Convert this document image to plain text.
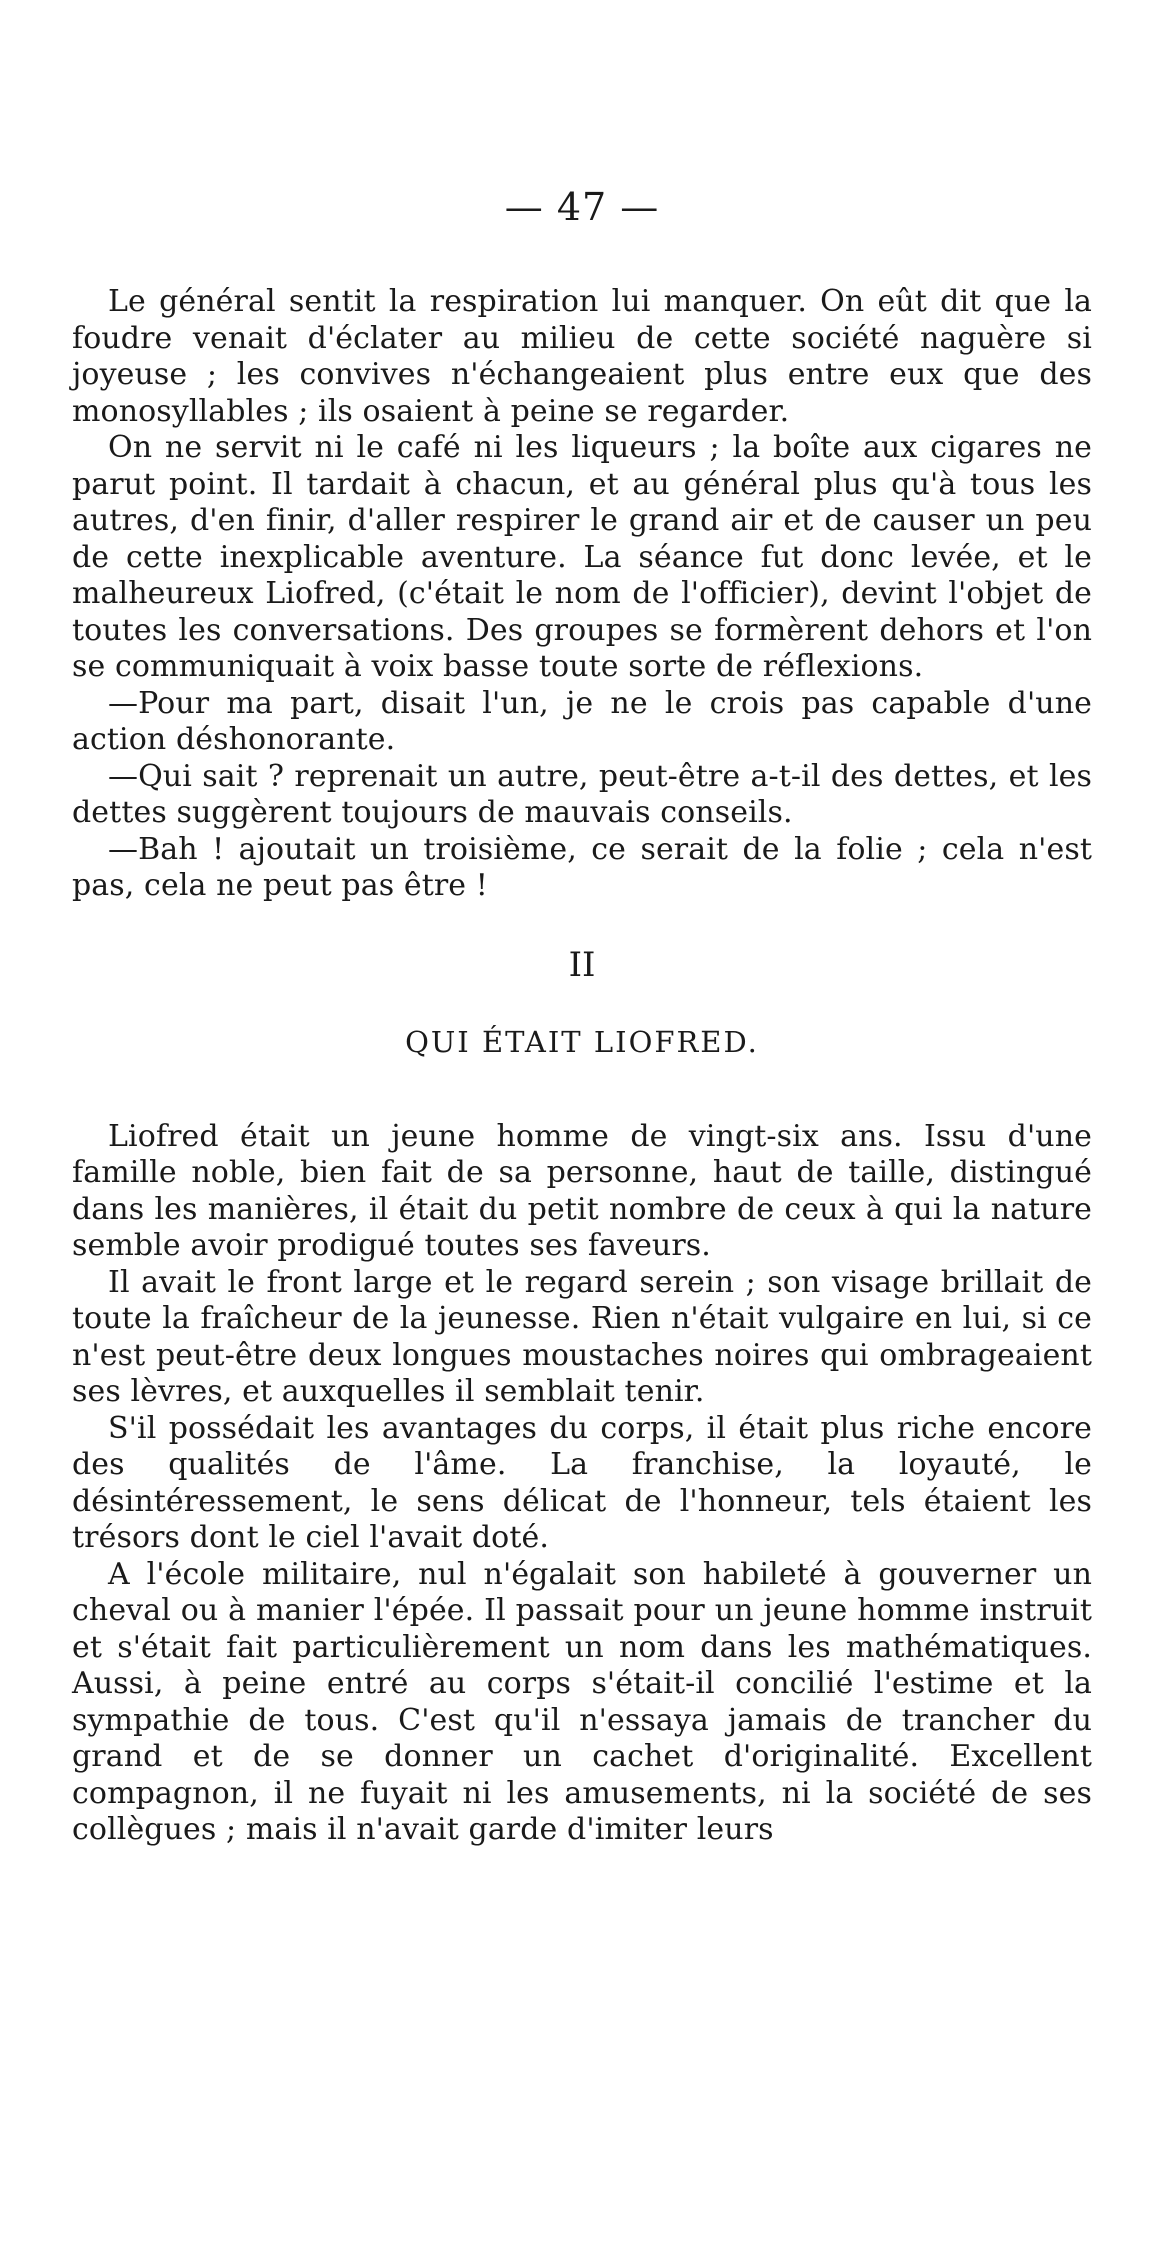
— 47 —

Le général sentit la respiration lui manquer. On eût dit que la foudre venait d'éclater au milieu de cette société naguère si joyeuse ; les convives n'échangeaient plus entre eux que des monosyllables ; ils osaient à peine se regarder.

On ne servit ni le café ni les liqueurs ; la boîte aux cigares ne parut point. Il tardait à chacun, et au général plus qu'à tous les autres, d'en finir, d'aller respirer le grand air et de causer un peu de cette inexplicable aventure. La séance fut donc levée, et le malheureux Liofred, (c'était le nom de l'officier), devint l'objet de toutes les conversations. Des groupes se formèrent dehors et l'on se communiquait à voix basse toute sorte de réflexions.

—Pour ma part, disait l'un, je ne le crois pas capable d'une action déshonorante.

—Qui sait ? reprenait un autre, peut-être a-t-il des dettes, et les dettes suggèrent toujours de mauvais conseils.

—Bah ! ajoutait un troisième, ce serait de la folie ; cela n'est pas, cela ne peut pas être !

II
QUI ÉTAIT LIOFRED.

Liofred était un jeune homme de vingt-six ans. Issu d'une famille noble, bien fait de sa personne, haut de taille, distingué dans les manières, il était du petit nombre de ceux à qui la nature semble avoir prodigué toutes ses faveurs.

Il avait le front large et le regard serein ; son visage brillait de toute la fraîcheur de la jeunesse. Rien n'était vulgaire en lui, si ce n'est peut-être deux longues moustaches noires qui ombrageaient ses lèvres, et auxquelles il semblait tenir.

S'il possédait les avantages du corps, il était plus riche encore des qualités de l'âme. La franchise, la loyauté, le désintéressement, le sens délicat de l'honneur, tels étaient les trésors dont le ciel l'avait doté.

A l'école militaire, nul n'égalait son habileté à gouverner un cheval ou à manier l'épée. Il passait pour un jeune homme instruit et s'était fait particulièrement un nom dans les mathématiques. Aussi, à peine entré au corps s'était-il concilié l'estime et la sympathie de tous. C'est qu'il n'essaya jamais de trancher du grand et de se donner un cachet d'originalité. Excellent compagnon, il ne fuyait ni les amusements, ni la société de ses collègues ; mais il n'avait garde d'imiter leurs
